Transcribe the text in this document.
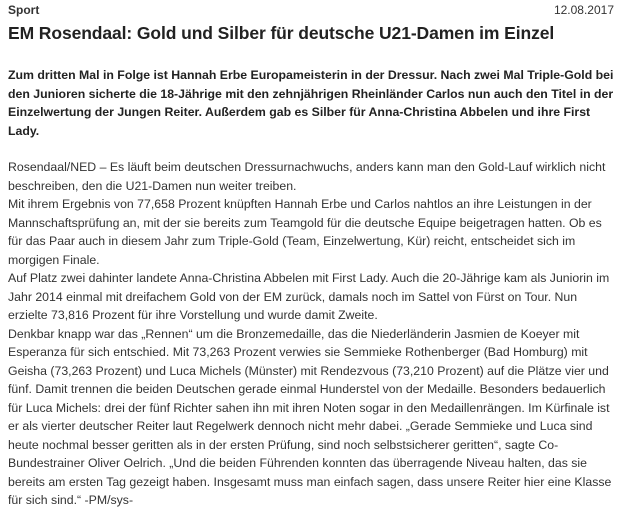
Sport	12.08.2017
EM Rosendaal: Gold und Silber für deutsche U21-Damen im Einzel

Zum dritten Mal in Folge ist Hannah Erbe Europameisterin in der Dressur. Nach zwei Mal Triple-Gold bei den Junioren sicherte die 18-Jährige mit den zehnjährigen Rheinländer Carlos nun auch den Titel in der Einzelwertung der Jungen Reiter. Außerdem gab es Silber für Anna-Christina Abbelen und ihre First Lady.

Rosendaal/NED – Es läuft beim deutschen Dressurnachwuchs, anders kann man den Gold-Lauf wirklich nicht beschreiben, den die U21-Damen nun weiter treiben.

Mit ihrem Ergebnis von 77,658 Prozent knüpften Hannah Erbe und Carlos nahtlos an ihre Leistungen in der Mannschaftsprüfung an, mit der sie bereits zum Teamgold für die deutsche Equipe beigetragen hatten. Ob es für das Paar auch in diesem Jahr zum Triple-Gold (Team, Einzelwertung, Kür) reicht, entscheidet sich im morgigen Finale.

Auf Platz zwei dahinter landete Anna-Christina Abbelen mit First Lady. Auch die 20-Jährige kam als Juniorin im Jahr 2014 einmal mit dreifachem Gold von der EM zurück, damals noch im Sattel von Fürst on Tour. Nun erzielte 73,816 Prozent für ihre Vorstellung und wurde damit Zweite.

Denkbar knapp war das „Rennen“ um die Bronzemedaille, das die Niederländerin Jasmien de Koeyer mit Esperanza für sich entschied. Mit 73,263 Prozent verwies sie Semmieke Rothenberger (Bad Homburg) mit Geisha (73,263 Prozent) und Luca Michels (Münster) mit Rendezvous (73,210 Prozent) auf die Plätze vier und fünf. Damit trennen die beiden Deutschen gerade einmal Hunderstel von der Medaille. Besonders bedauerlich für Luca Michels: drei der fünf Richter sahen ihn mit ihren Noten sogar in den Medaillenrängen. Im Kürfinale ist er als vierter deutscher Reiter laut Regelwerk dennoch nicht mehr dabei. „Gerade Semmieke und Luca sind heute nochmal besser geritten als in der ersten Prüfung, sind noch selbstsicherer geritten“, sagte Co-Bundestrainer Oliver Oelrich. „Und die beiden Führenden konnten das überragende Niveau halten, das sie bereits am ersten Tag gezeigt haben. Insgesamt muss man einfach sagen, dass unsere Reiter hier eine Klasse für sich sind.“ -PM/sys-
